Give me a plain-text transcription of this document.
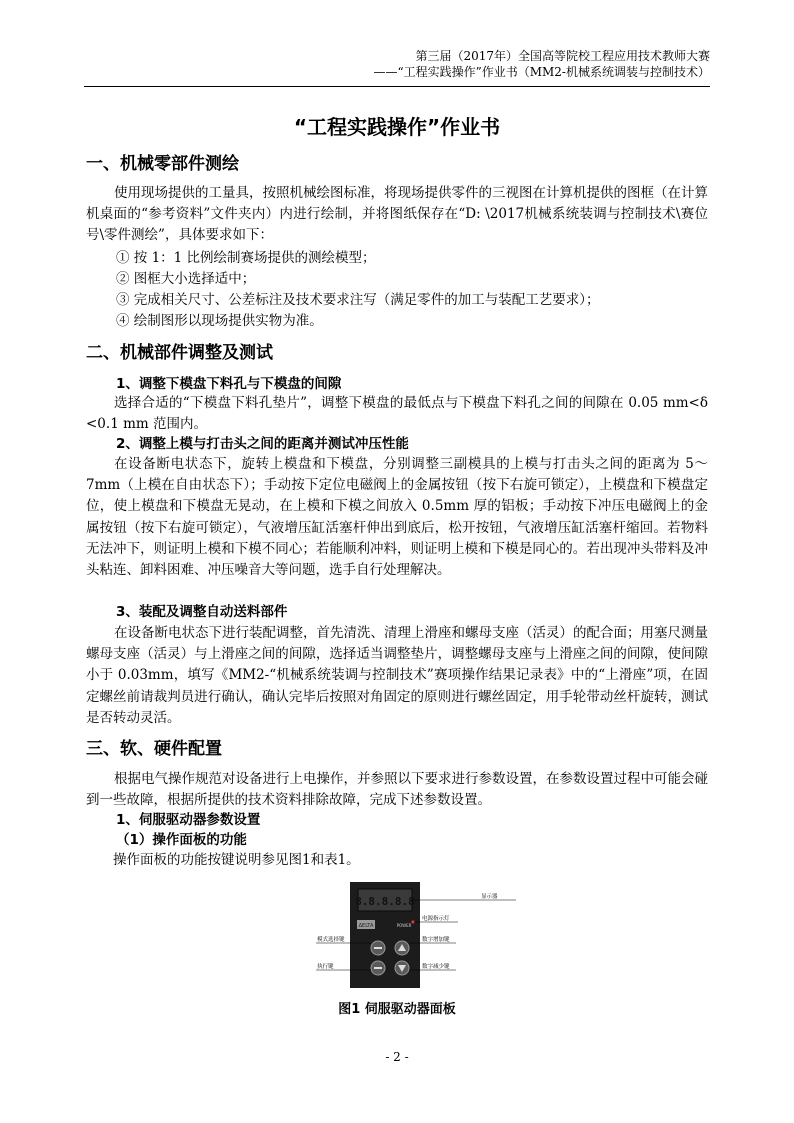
第三届（2017年）全国高等院校工程应用技术教师大赛
——“工程实践操作”作业书（MM2-机械系统调装与控制技术）
“工程实践操作”作业书
一、机械零部件测绘
使用现场提供的工量具，按照机械绘图标准，将现场提供零件的三视图在计算机提供的图框（在计算机桌面的“参考资料”文件夹内）内进行绘制，并将图纸保存在“D: \2017机械系统装调与控制技术\赛位号\零件测绘”，具体要求如下：
① 按 1：1 比例绘制赛场提供的测绘模型；
② 图框大小选择适中；
③ 完成相关尺寸、公差标注及技术要求注写（满足零件的加工与装配工艺要求）；
④ 绘制图形以现场提供实物为准。
二、机械部件调整及测试
1、调整下模盘下料孔与下模盘的间隙
选择合适的“下模盘下料孔垫片”，调整下模盘的最低点与下模盘下料孔之间的间隙在 0.05 mm<δ <0.1 mm 范围内。
2、调整上模与打击头之间的距离并测试冲压性能
在设备断电状态下，旋转上模盘和下模盘，分别调整三副模具的上模与打击头之间的距离为 5～7mm（上模在自由状态下）；手动按下定位电磁阀上的金属按钮（按下右旋可锁定），上模盘和下模盘定位，使上模盘和下模盘无晃动，在上模和下模之间放入 0.5mm 厚的铝板；手动按下冲压电磁阀上的金属按钮（按下右旋可锁定），气液增压缸活塞杆伸出到底后，松开按钮，气液增压缸活塞杆缩回。若物料无法冲下，则证明上模和下模不同心；若能顺利冲料，则证明上模和下模是同心的。若出现冲头带料及冲头粘连、卸料困难、冲压噪音大等问题，选手自行处理解决。
3、装配及调整自动送料部件
在设备断电状态下进行装配调整，首先清洗、清理上滑座和螺母支座（活灵）的配合面；用塞尺测量螺母支座（活灵）与上滑座之间的间隙，选择适当调整垫片，调整螺母支座与上滑座之间的间隙，使间隙小于 0.03mm，填写《MM2-“机械系统装调与控制技术”赛项操作结果记录表》中的“上滑座”项，在固定螺丝前请裁判员进行确认，确认完毕后按照对角固定的原则进行螺丝固定，用手轮带动丝杆旋转，测试是否转动灵活。
三、软、硬件配置
根据电气操作规范对设备进行上电操作，并参照以下要求进行参数设置，在参数设置过程中可能会碰到一些故障，根据所提供的技术资料排除故障，完成下述参数设置。
1、伺服驱动器参数设置
（1）操作面板的功能
操作面板的功能按键说明参见图1和表1。
8.8.8.8.8
ΔELTA	POWER
显示器
电源指示灯
模式选择键	数字增加键
执行键	数字减少键
图1 伺服驱动器面板
- 2 -
